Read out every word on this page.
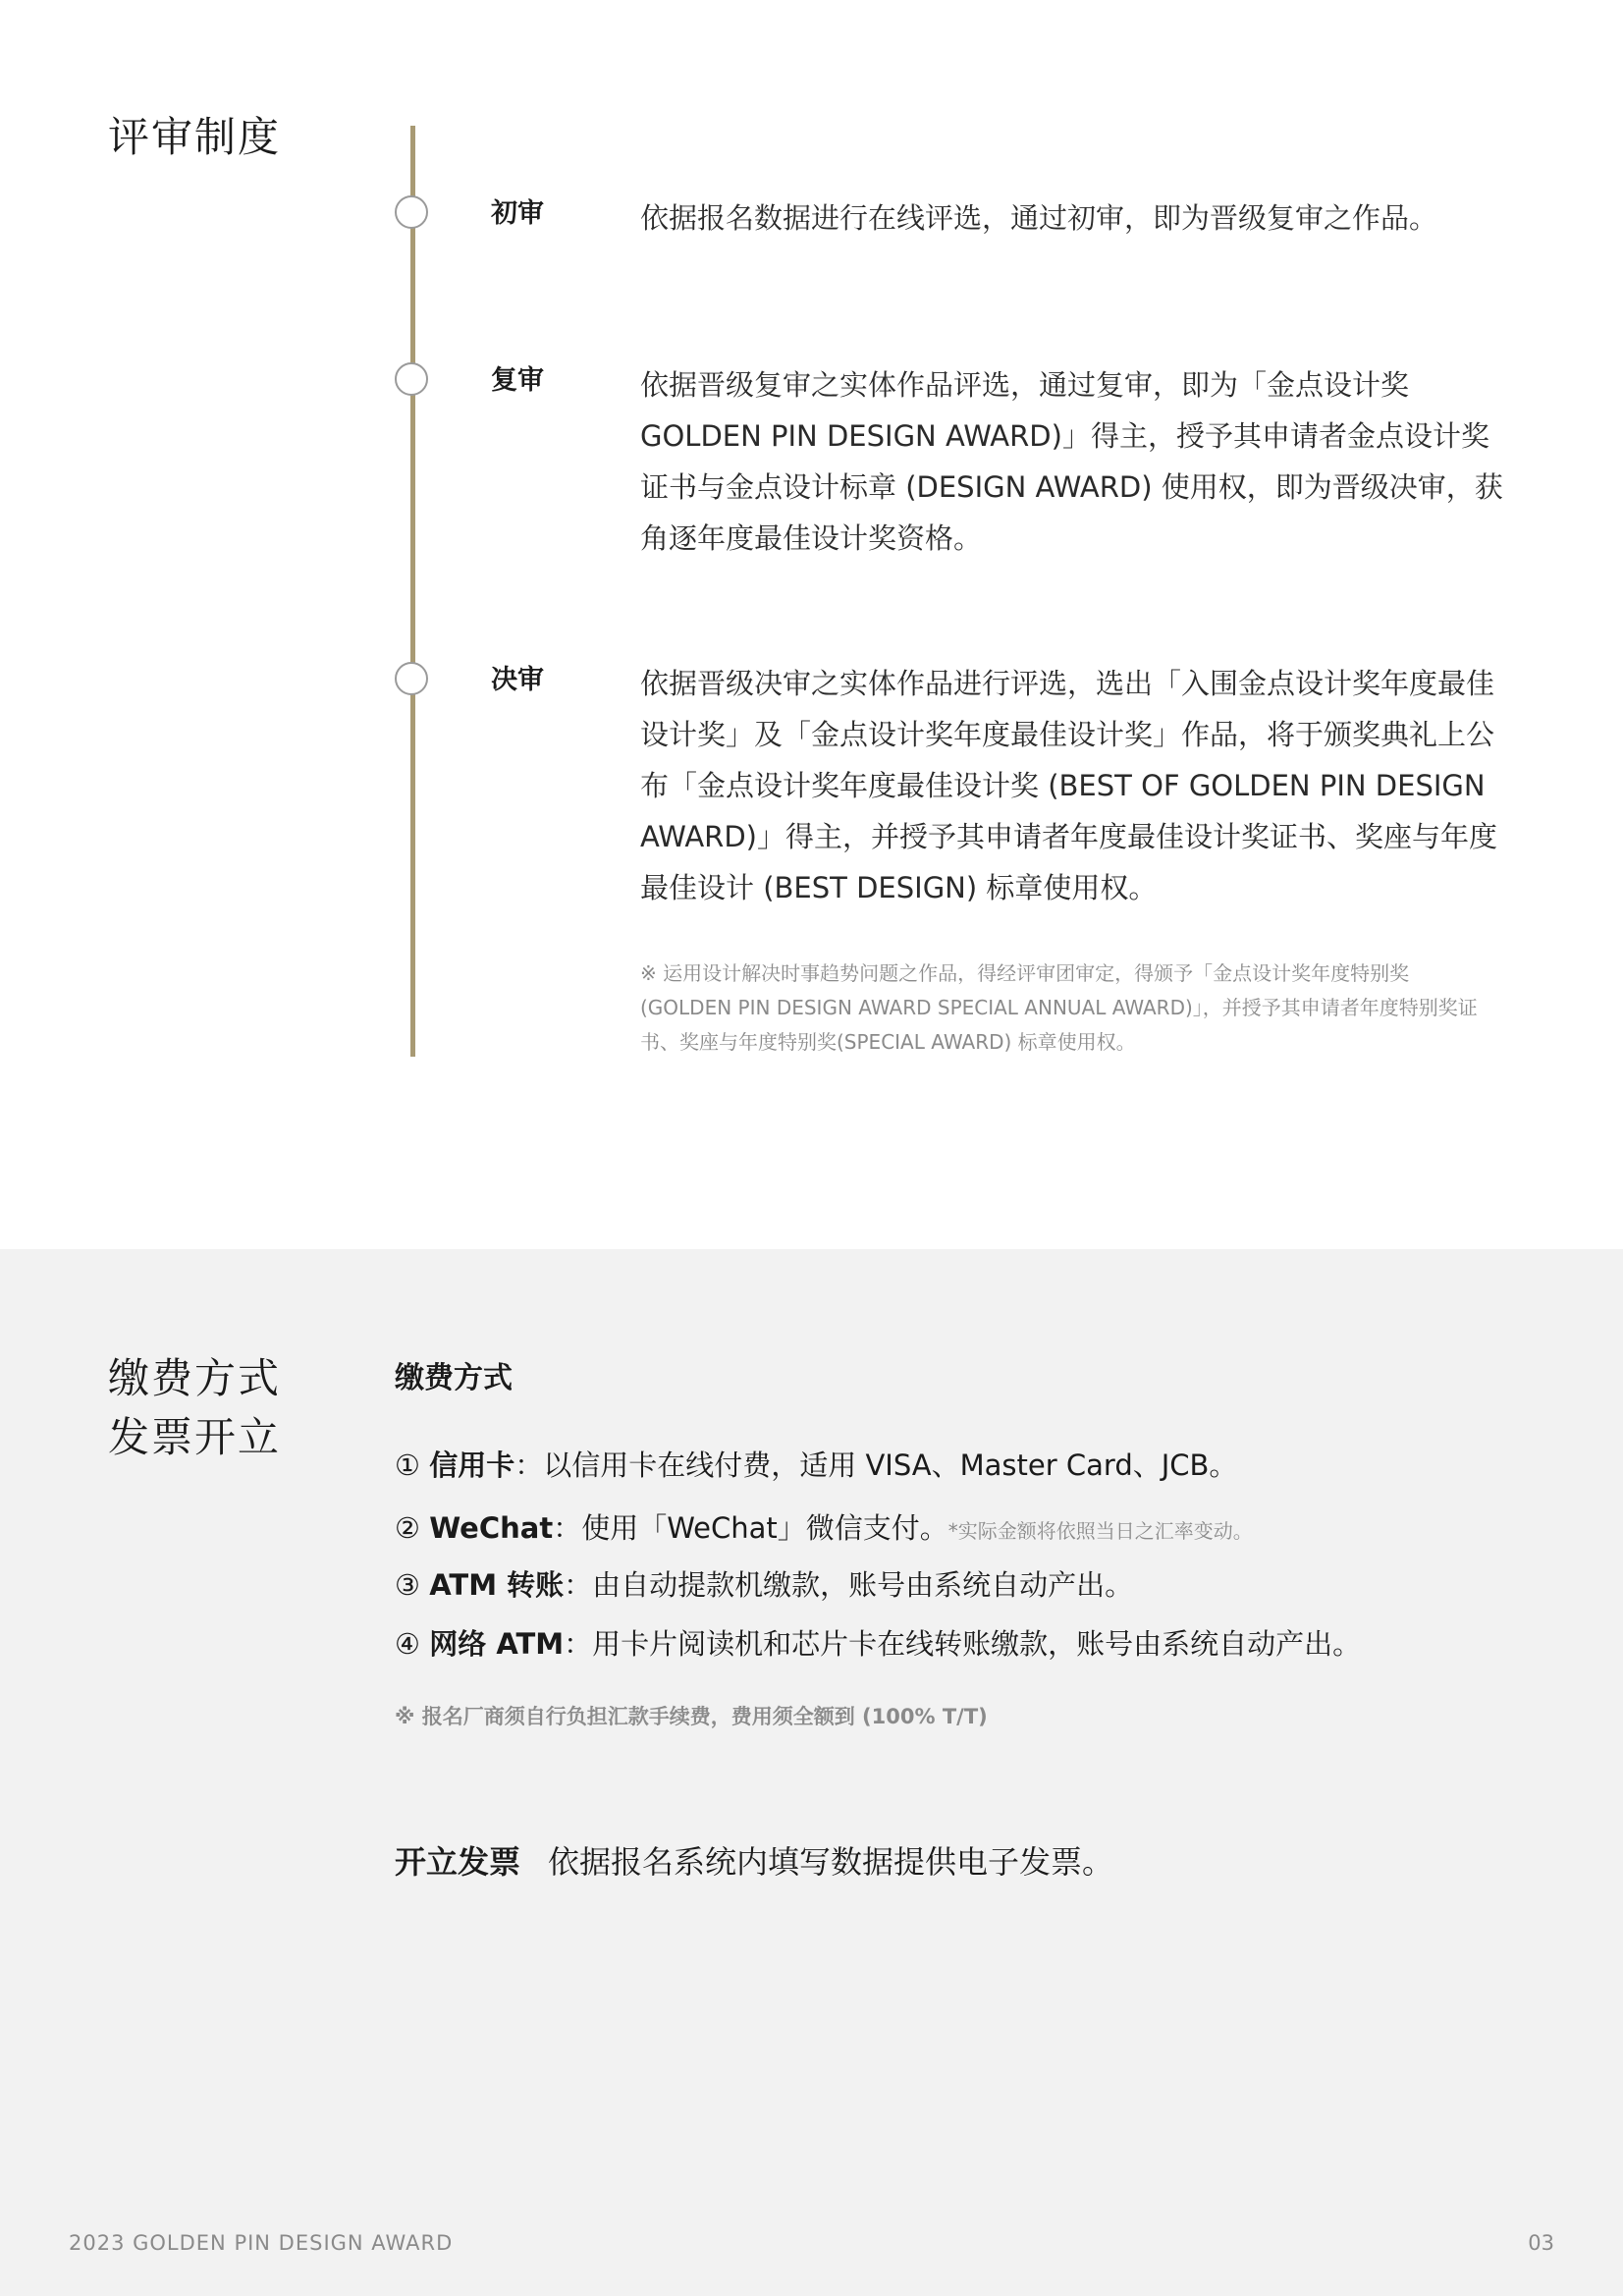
评审制度
初审	依据报名数据进行在线评选，通过初审，即为晋级复审之作品。
复审	依据晋级复审之实体作品评选，通过复审，即为「金点设计奖 GOLDEN PIN DESIGN AWARD)」得主，授予其申请者金点设计奖证书与金点设计标章 (DESIGN AWARD) 使用权，即为晋级决审，获角逐年度最佳设计奖资格。
决审	依据晋级决审之实体作品进行评选，选出「入围金点设计奖年度最佳设计奖」及「金点设计奖年度最佳设计奖」作品，将于颁奖典礼上公布「金点设计奖年度最佳设计奖 (BEST OF GOLDEN PIN DESIGN AWARD)」得主，并授予其申请者年度最佳设计奖证书、奖座与年度最佳设计 (BEST DESIGN) 标章使用权。
※ 运用设计解决时事趋势问题之作品，得经评审团审定，得颁予「金点设计奖年度特别奖 (GOLDEN PIN DESIGN AWARD SPECIAL ANNUAL AWARD)」，并授予其申请者年度特别奖证书、奖座与年度特别奖(SPECIAL AWARD) 标章使用权。
缴费方式
发票开立
缴费方式
① 信用卡：以信用卡在线付费，适用 VISA、Master Card、JCB。
② WeChat：使用「WeChat」微信支付。*实际金额将依照当日之汇率变动。
③ ATM 转账：由自动提款机缴款，账号由系统自动产出。
④ 网络 ATM：用卡片阅读机和芯片卡在线转账缴款，账号由系统自动产出。
※ 报名厂商须自行负担汇款手续费，费用须全额到 (100% T/T)
开立发票 依据报名系统内填写数据提供电子发票。
2023 GOLDEN PIN DESIGN AWARD	03
